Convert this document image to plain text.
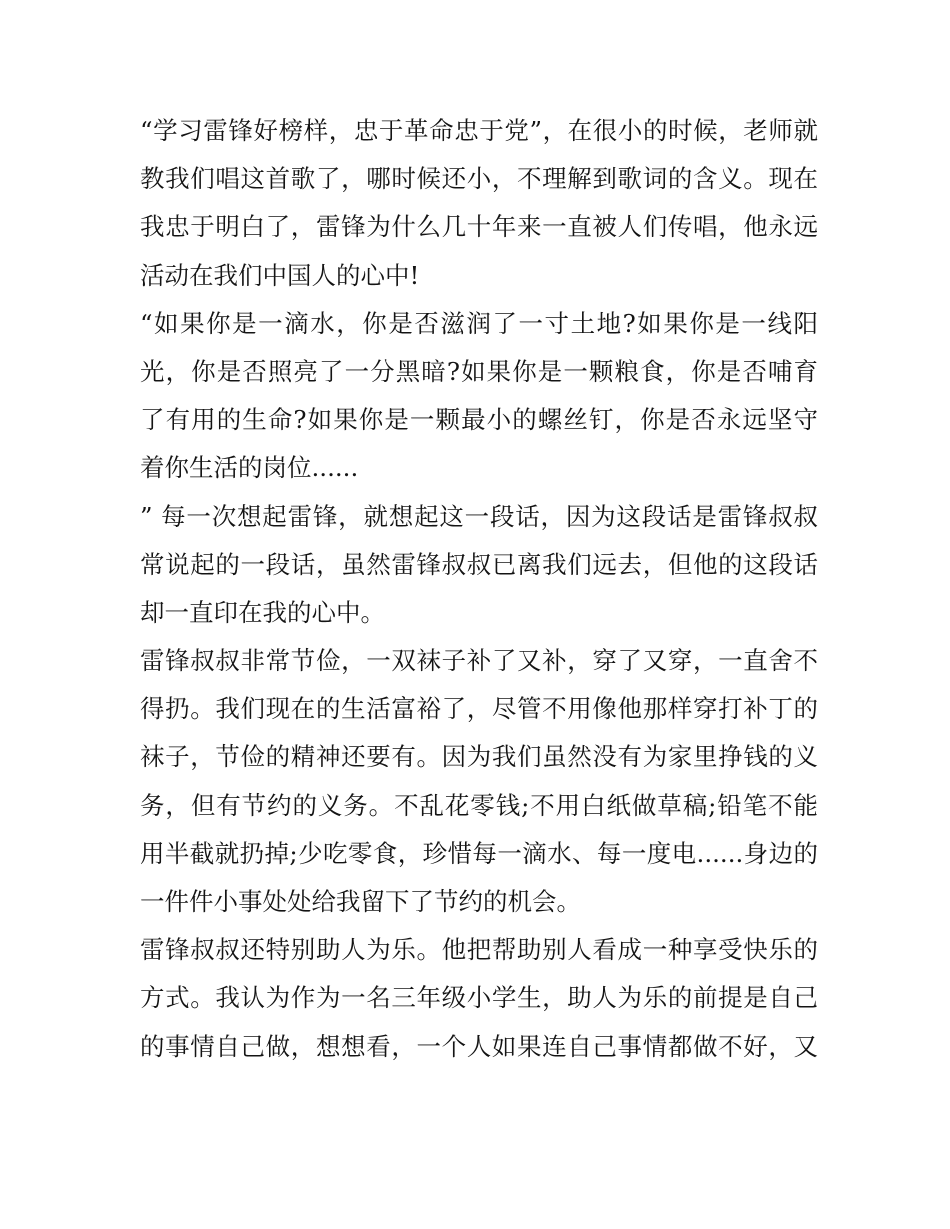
“学习雷锋好榜样，忠于革命忠于党”，在很小的时候，老师就
教我们唱这首歌了，哪时候还小，不理解到歌词的含义。现在
我忠于明白了，雷锋为什么几十年来一直被人们传唱，他永远
活动在我们中国人的心中!
“如果你是一滴水，你是否滋润了一寸土地?如果你是一线阳
光，你是否照亮了一分黑暗?如果你是一颗粮食，你是否哺育
了有用的生命?如果你是一颗最小的螺丝钉，你是否永远坚守
着你生活的岗位......
” 每一次想起雷锋，就想起这一段话，因为这段话是雷锋叔叔
常说起的一段话，虽然雷锋叔叔已离我们远去，但他的这段话
却一直印在我的心中。
雷锋叔叔非常节俭，一双袜子补了又补，穿了又穿，一直舍不
得扔。我们现在的生活富裕了，尽管不用像他那样穿打补丁的
袜子，节俭的精神还要有。因为我们虽然没有为家里挣钱的义
务，但有节约的义务。不乱花零钱;不用白纸做草稿;铅笔不能
用半截就扔掉;少吃零食，珍惜每一滴水、每一度电......身边的
一件件小事处处给我留下了节约的机会。
雷锋叔叔还特别助人为乐。他把帮助别人看成一种享受快乐的
方式。我认为作为一名三年级小学生，助人为乐的前提是自己
的事情自己做，想想看，一个人如果连自己事情都做不好，又
